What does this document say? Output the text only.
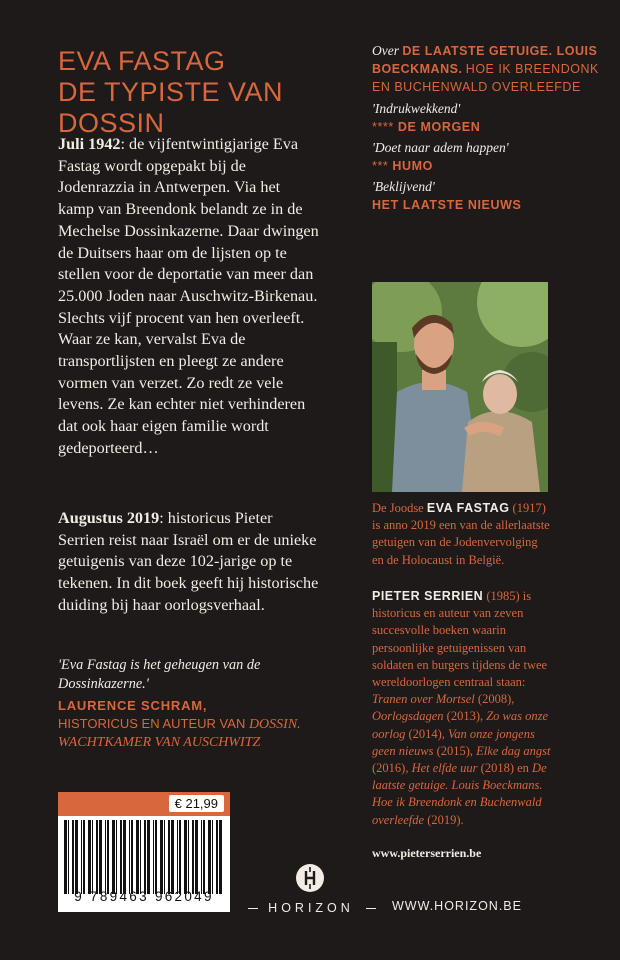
EVA FASTAG
DE TYPISTE VAN DOSSIN

Juli 1942: de vijfentwintigjarige Eva Fastag wordt opgepakt bij de Jodenrazzia in Antwerpen. Via het kamp van Breendonk belandt ze in de Mechelse Dossinkazerne. Daar dwingen de Duitsers haar om de lijsten op te stellen voor de deportatie van meer dan 25.000 Joden naar Auschwitz-Birkenau. Slechts vijf procent van hen overleeft. Waar ze kan, vervalst Eva de transportlijsten en pleegt ze andere vormen van verzet. Zo redt ze vele levens. Ze kan echter niet verhinderen dat ook haar eigen familie wordt gedeporteerd…

Augustus 2019: historicus Pieter Serrien reist naar Israël om er de unieke getuigenis van deze 102-jarige op te tekenen. In dit boek geeft hij historische duiding bij haar oorlogsverhaal.

'Eva Fastag is het geheugen van de Dossinkazerne.'

LAURENCE SCHRAM,
HISTORICUS EN AUTEUR VAN DOSSIN. WACHTKAMER VAN AUSCHWITZ
Over DE LAATSTE GETUIGE. LOUIS BOECKMANS. HOE IK BREENDONK EN BUCHENWALD OVERLEEFDE
'Indrukwekkend'
**** DE MORGEN
'Doet naar adem happen'
*** HUMO
'Beklijvend'
HET LAATSTE NIEUWS

De Joodse EVA FASTAG (1917) is anno 2019 een van de allerlaatste getuigen van de Jodenvervolging en de Holocaust in België.

PIETER SERRIEN (1985) is historicus en auteur van zeven succesvolle boeken waarin persoonlijke getuigenissen van soldaten en burgers tijdens de twee wereldoorlogen centraal staan: Tranen over Mortsel (2008), Oorlogsdagen (2013), Zo was onze oorlog (2014), Van onze jongens geen nieuws (2015), Elke dag angst (2016), Het elfde uur (2018) en De laatste getuige. Louis Boeckmans. Hoe ik Breendonk en Buchenwald overleefde (2019).

www.pieterserrien.be
€ 21,99
9 789463 962049
HORIZON	WWW.HORIZON.BE
